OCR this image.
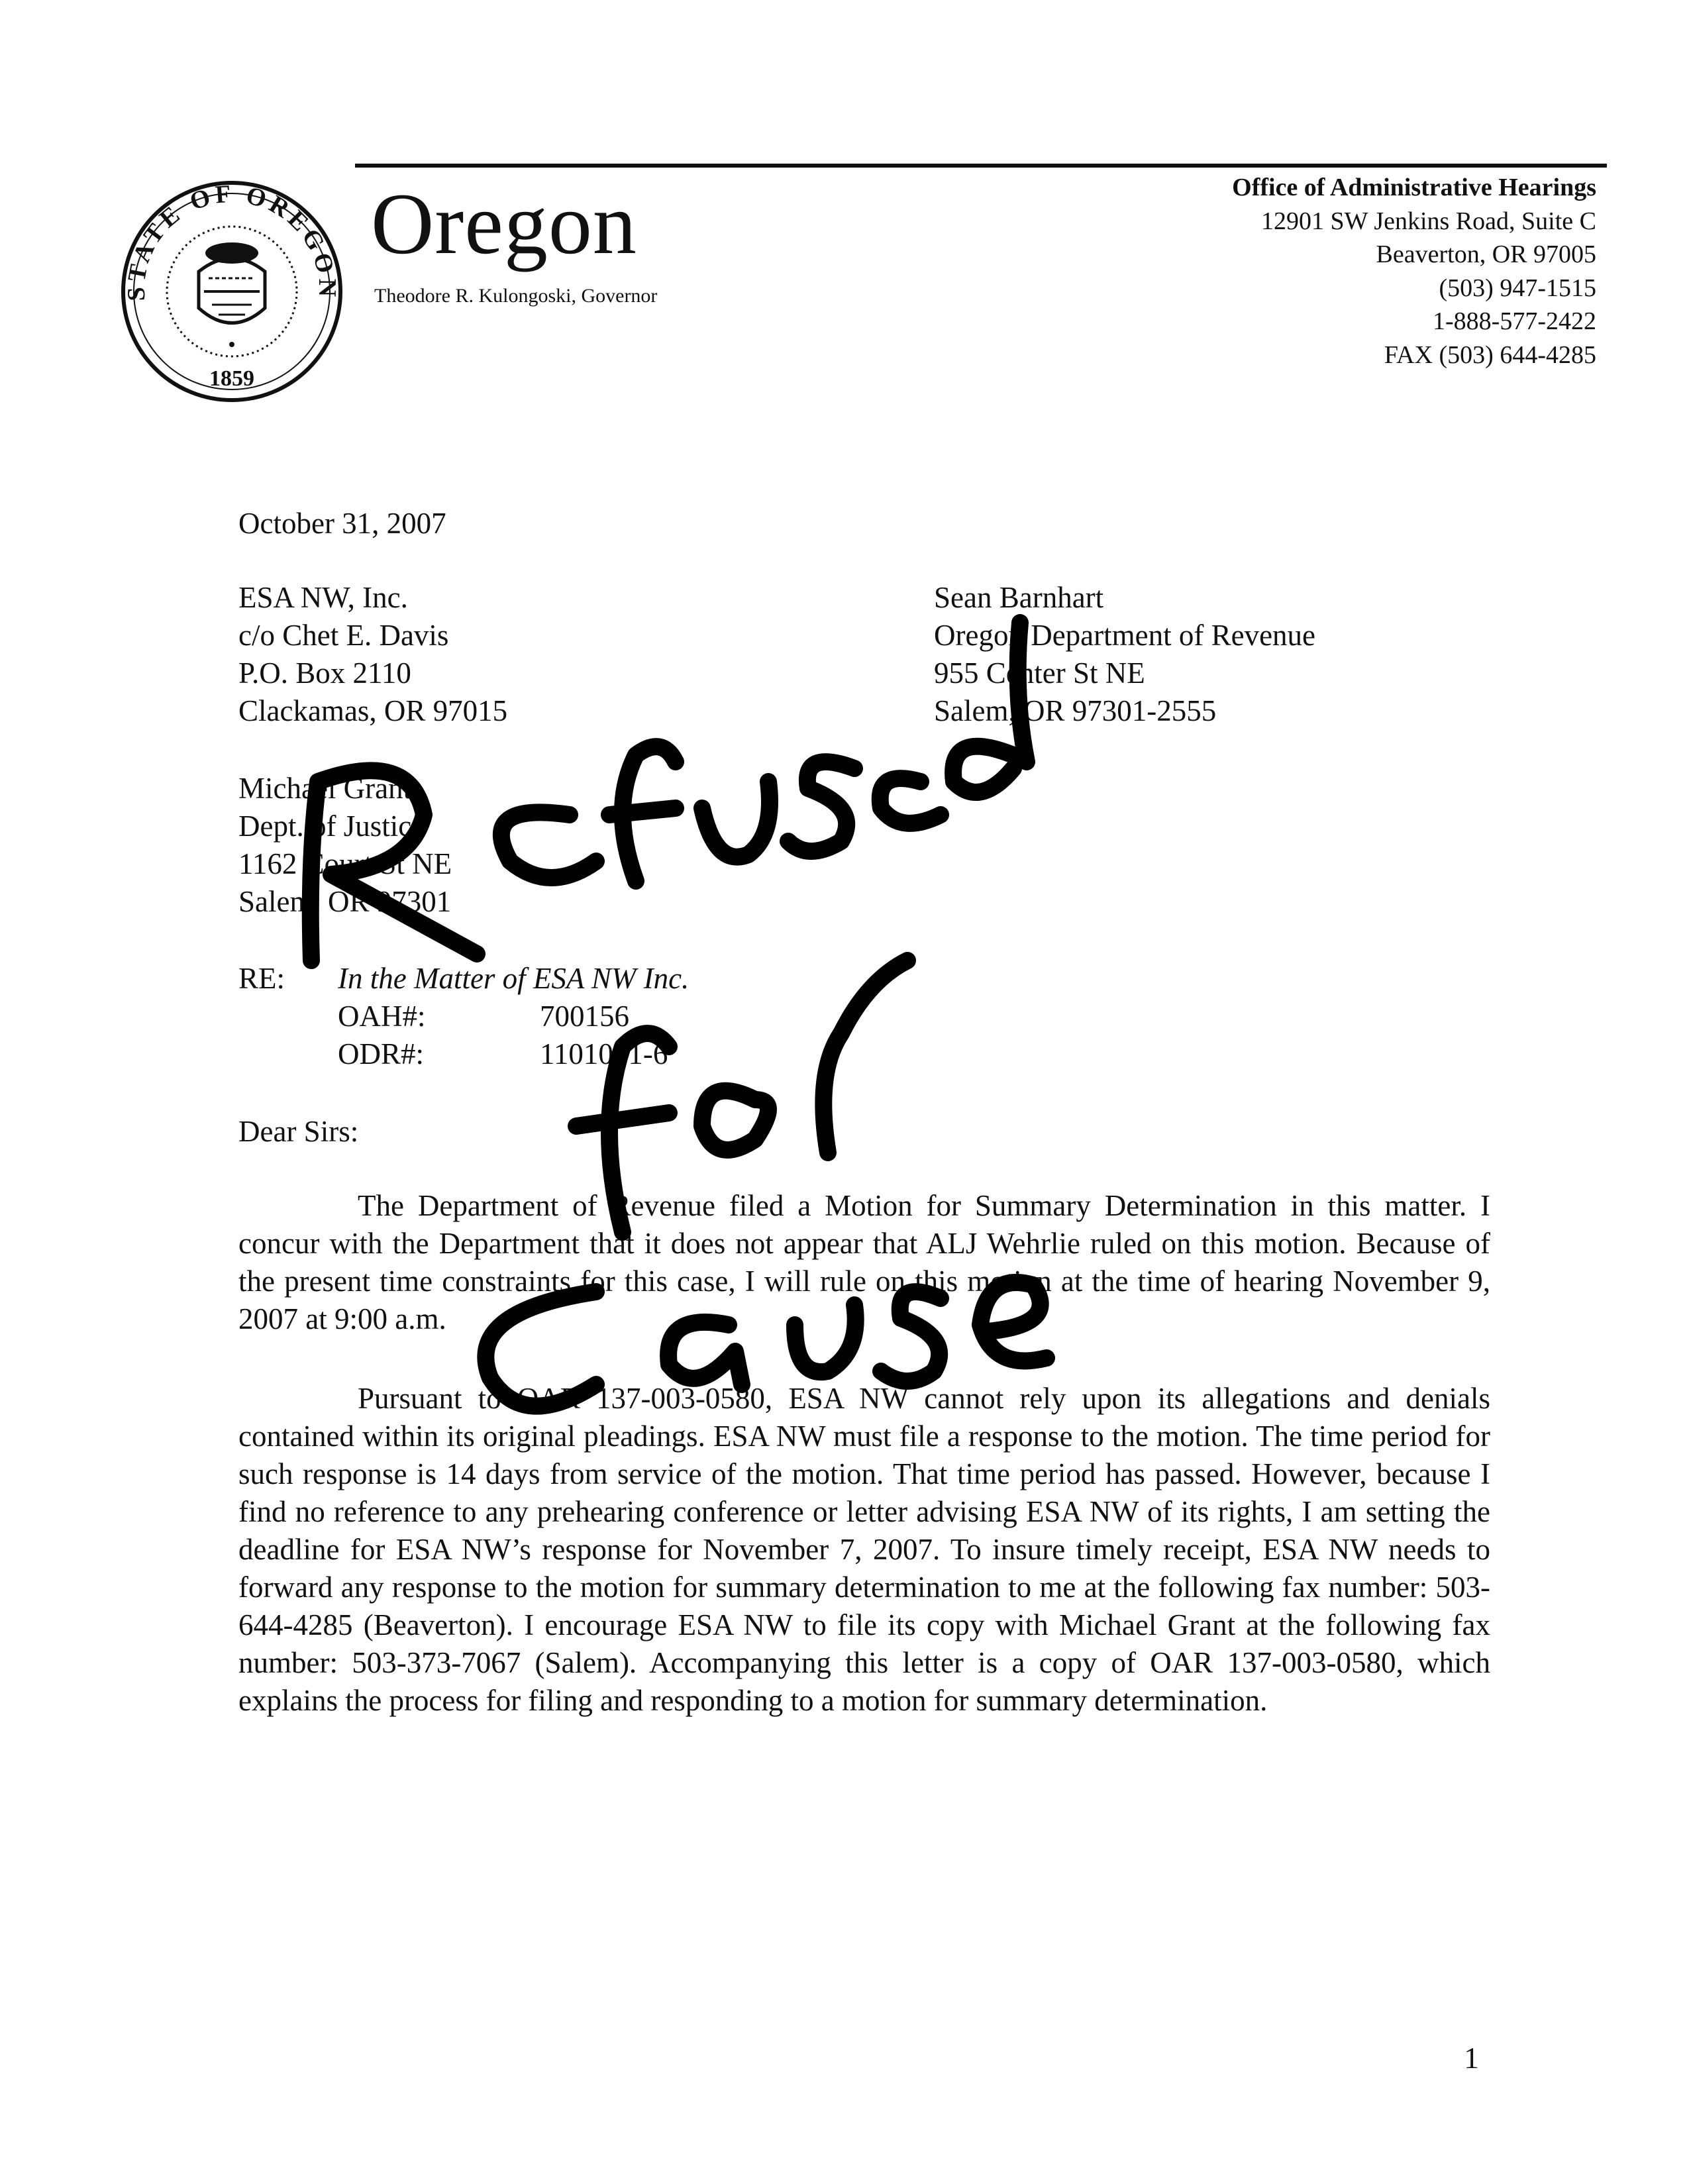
STATE OF OREGON
1859
Oregon
Theodore R. Kulongoski, Governor
Office of Administrative Hearings
12901 SW Jenkins Road, Suite C
Beaverton, OR 97005
(503) 947-1515
1-888-577-2422
FAX (503) 644-4285
October 31, 2007
ESA NW, Inc.
c/o Chet E. Davis
P.O. Box 2110
Clackamas, OR 97015
Sean Barnhart
Oregon Department of Revenue
955 Center St NE
Salem, OR 97301-2555
Michael Grant
Dept. of Justice
1162 Court St NE
Salem, OR 97301
RE: In the Matter of ESA NW Inc.
OAH#:	700156
ODR#:	1101041-6
Dear Sirs:

The Department of Revenue filed a Motion for Summary Determination in this matter. I concur with the Department that it does not appear that ALJ Wehrlie ruled on this motion. Because of the present time constraints for this case, I will rule on this motion at the time of hearing November 9, 2007 at 9:00 a.m.

Pursuant to OAR 137-003-0580, ESA NW cannot rely upon its allegations and denials contained within its original pleadings. ESA NW must file a response to the motion. The time period for such response is 14 days from service of the motion. That time period has passed. However, because I find no reference to any prehearing conference or letter advising ESA NW of its rights, I am setting the deadline for ESA NW’s response for November 7, 2007. To insure timely receipt, ESA NW needs to forward any response to the motion for summary determination to me at the following fax number: 503-644-4285 (Beaverton). I encourage ESA NW to file its copy with Michael Grant at the following fax number: 503-373-7067 (Salem). Accompanying this letter is a copy of OAR 137-003-0580, which explains the process for filing and responding to a motion for summary determination.

1
